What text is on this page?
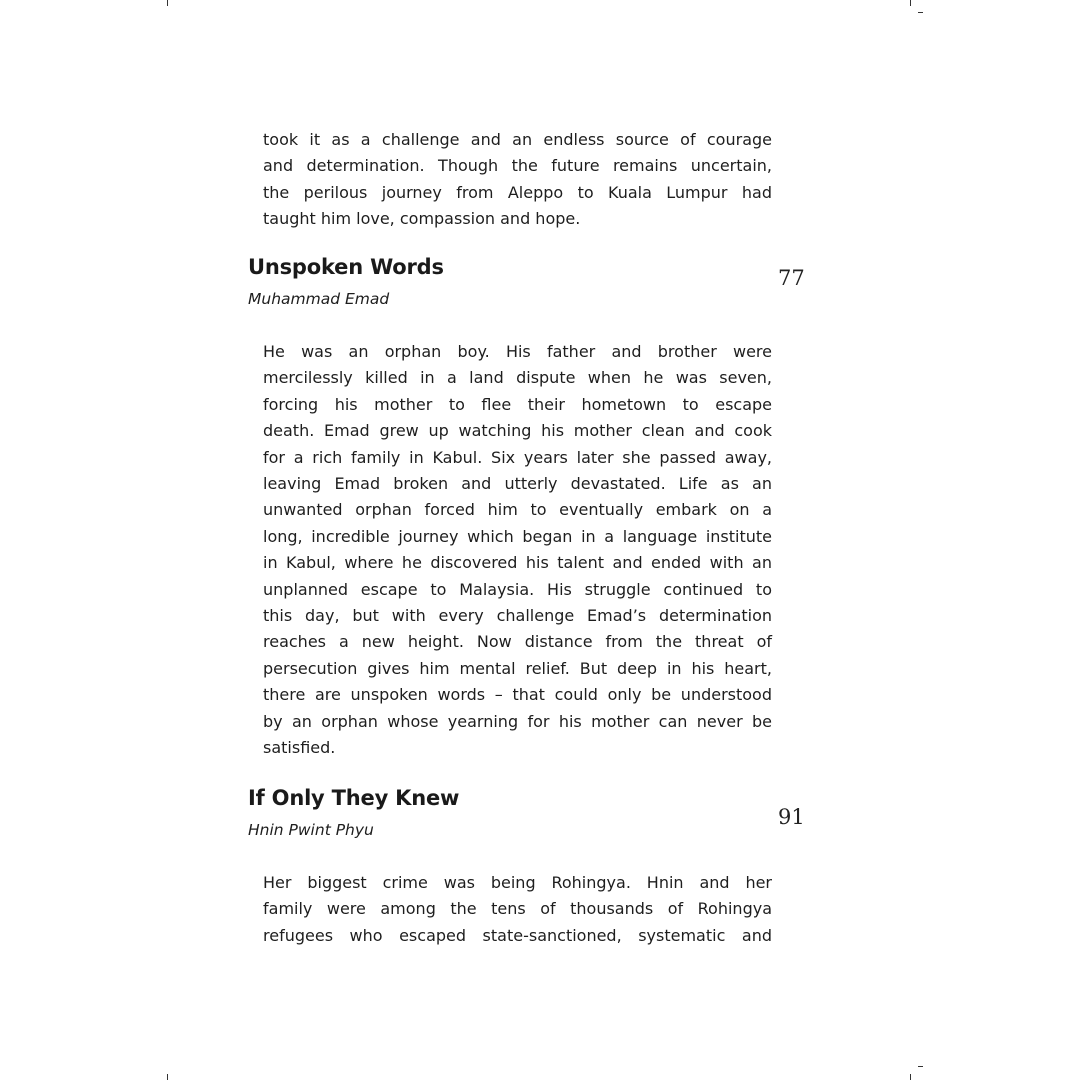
took it as a challenge and an endless source of courage
and determination. Though the future remains uncertain,
the perilous journey from Aleppo to Kuala Lumpur had
taught him love, compassion and hope.

Unspoken Words	77

Muhammad Emad

He was an orphan boy. His father and brother were
mercilessly killed in a land dispute when he was seven,
forcing his mother to flee their hometown to escape
death. Emad grew up watching his mother clean and cook
for a rich family in Kabul. Six years later she passed away,
leaving Emad broken and utterly devastated. Life as an
unwanted orphan forced him to eventually embark on a
long, incredible journey which began in a language institute
in Kabul, where he discovered his talent and ended with an
unplanned escape to Malaysia. His struggle continued to
this day, but with every challenge Emad’s determination
reaches a new height. Now distance from the threat of
persecution gives him mental relief. But deep in his heart,
there are unspoken words – that could only be understood
by an orphan whose yearning for his mother can never be
satisfied.

If Only They Knew
91

Hnin Pwint Phyu

Her biggest crime was being Rohingya. Hnin and her
family were among the tens of thousands of Rohingya
refugees who escaped state-sanctioned, systematic and
